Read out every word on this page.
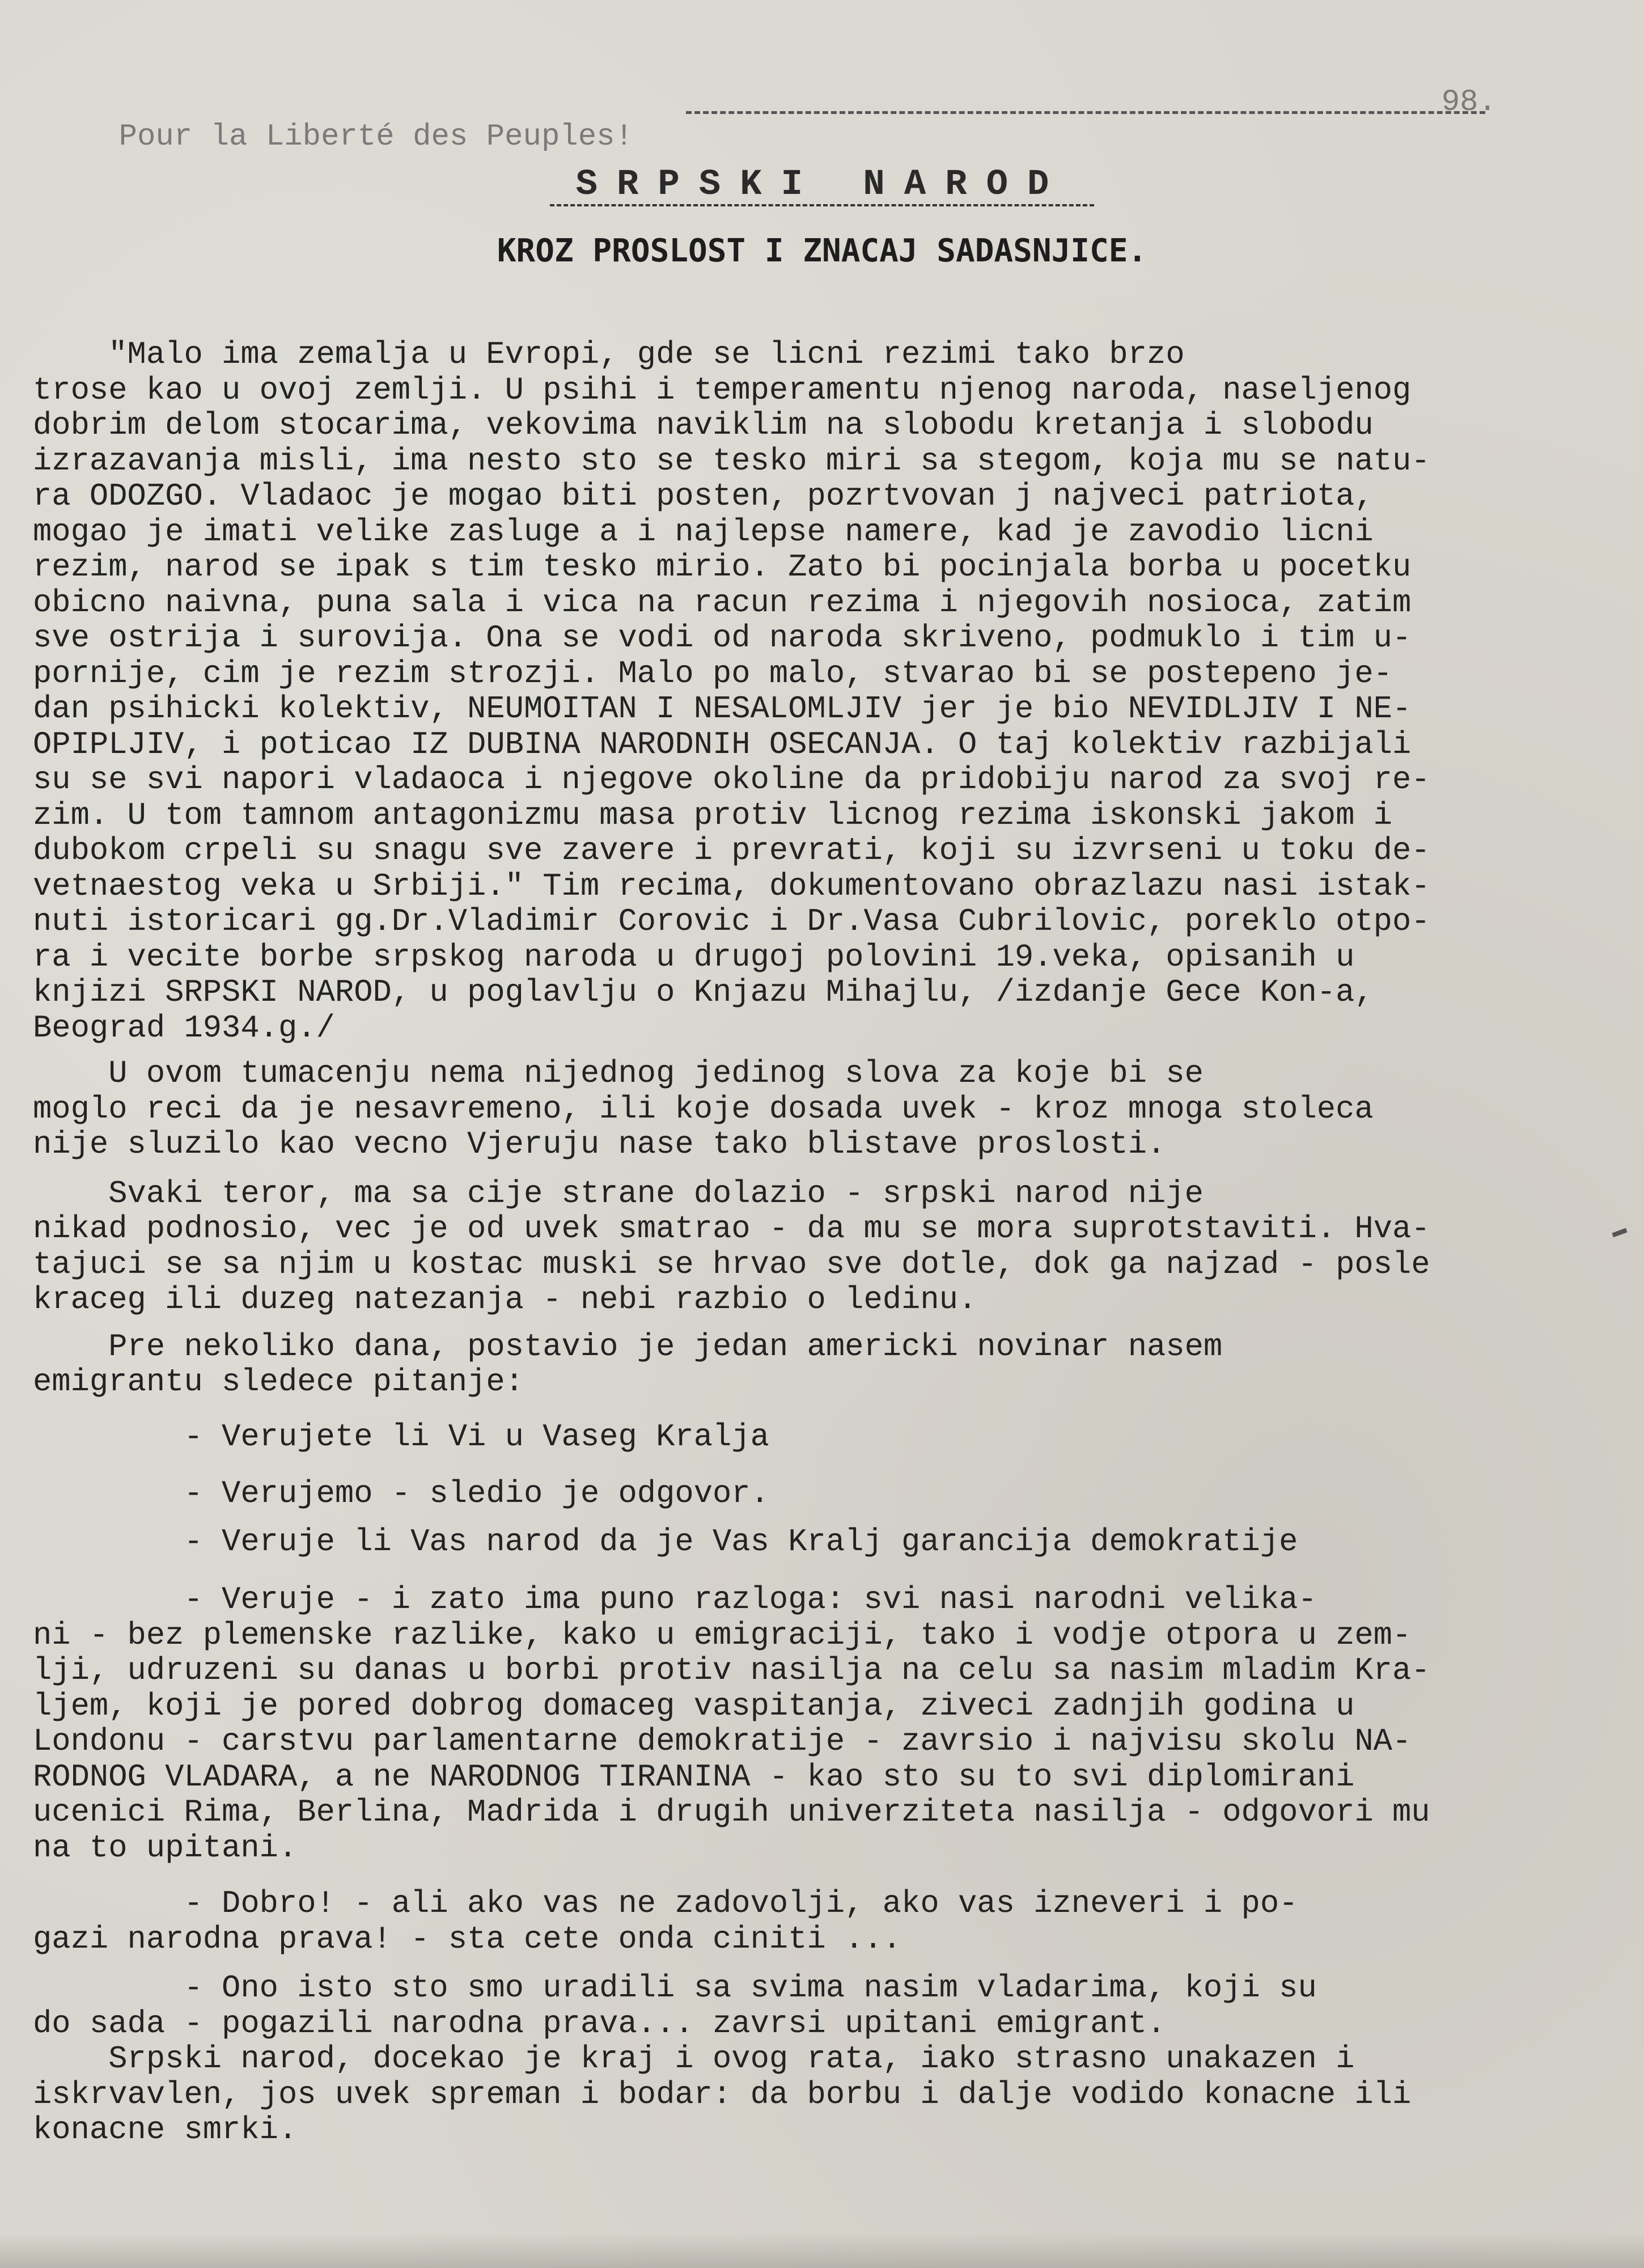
Pour la Liberté des Peuples!

98.

SRPSKI NAROD
KROZ PROSLOST I ZNACAJ SADASNJICE.
"Malo ima zemalja u Evropi, gde se licni rezimi tako brzo
trose kao u ovoj zemlji. U psihi i temperamentu njenog naroda, naseljenog
dobrim delom stocarima, vekovima naviklim na slobodu kretanja i slobodu
izrazavanja misli, ima nesto sto se tesko miri sa stegom, koja mu se natu-
ra ODOZGO. Vladaoc je mogao biti posten, pozrtvovan j najveci patriota,
mogao je imati velike zasluge a i najlepse namere, kad je zavodio licni
rezim, narod se ipak s tim tesko mirio. Zato bi pocinjala borba u pocetku
obicno naivna, puna sala i vica na racun rezima i njegovih nosioca, zatim
sve ostrija i surovija. Ona se vodi od naroda skriveno, podmuklo i tim u-
pornije, cim je rezim strozji. Malo po malo, stvarao bi se postepeno je-
dan psihicki kolektiv, NEUMOITAN I NESALOMLJIV jer je bio NEVIDLJIV I NE-
OPIPLJIV, i poticao IZ DUBINA NARODNIH OSECANJA. O taj kolektiv razbijali
su se svi napori vladaoca i njegove okoline da pridobiju narod za svoj re-
zim. U tom tamnom antagonizmu masa protiv licnog rezima iskonski jakom i
dubokom crpeli su snagu sve zavere i prevrati, koji su izvrseni u toku de-
vetnaestog veka u Srbiji." Tim recima, dokumentovano obrazlazu nasi istak-
nuti istoricari gg.Dr.Vladimir Corovic i Dr.Vasa Cubrilovic, poreklo otpo-
ra i vecite borbe srpskog naroda u drugoj polovini 19.veka, opisanih u
knjizi SRPSKI NAROD, u poglavlju o Knjazu Mihajlu, /izdanje Gece Kon-a,
Beograd 1934.g./
U ovom tumacenju nema nijednog jedinog slova za koje bi se
moglo reci da je nesavremeno, ili koje dosada uvek - kroz mnoga stoleca
nije sluzilo kao vecno Vjeruju nase tako blistave proslosti.
Svaki teror, ma sa cije strane dolazio - srpski narod nije
nikad podnosio, vec je od uvek smatrao - da mu se mora suprotstaviti. Hva-
tajuci se sa njim u kostac muski se hrvao sve dotle, dok ga najzad - posle
kraceg ili duzeg natezanja - nebi razbio o ledinu.
Pre nekoliko dana, postavio je jedan americki novinar nasem
emigrantu sledece pitanje:
- Verujete li Vi u Vaseg Kralja
- Verujemo - sledio je odgovor.
- Veruje li Vas narod da je Vas Kralj garancija demokratije
- Veruje - i zato ima puno razloga: svi nasi narodni velika-
ni - bez plemenske razlike, kako u emigraciji, tako i vodje otpora u zem-
lji, udruzeni su danas u borbi protiv nasilja na celu sa nasim mladim Kra-
ljem, koji je pored dobrog domaceg vaspitanja, ziveci zadnjih godina u
Londonu - carstvu parlamentarne demokratije - zavrsio i najvisu skolu NA-
RODNOG VLADARA, a ne NARODNOG TIRANINA - kao sto su to svi diplomirani
ucenici Rima, Berlina, Madrida i drugih univerziteta nasilja - odgovori mu
na to upitani.
- Dobro! - ali ako vas ne zadovolji, ako vas izneveri i po-
gazi narodna prava! - sta cete onda ciniti ...
- Ono isto sto smo uradili sa svima nasim vladarima, koji su
do sada - pogazili narodna prava... zavrsi upitani emigrant.
Srpski narod, docekao je kraj i ovog rata, iako strasno unakazen i
iskrvavlen, jos uvek spreman i bodar: da borbu i dalje vodido konacne ili
konacne smrki.
